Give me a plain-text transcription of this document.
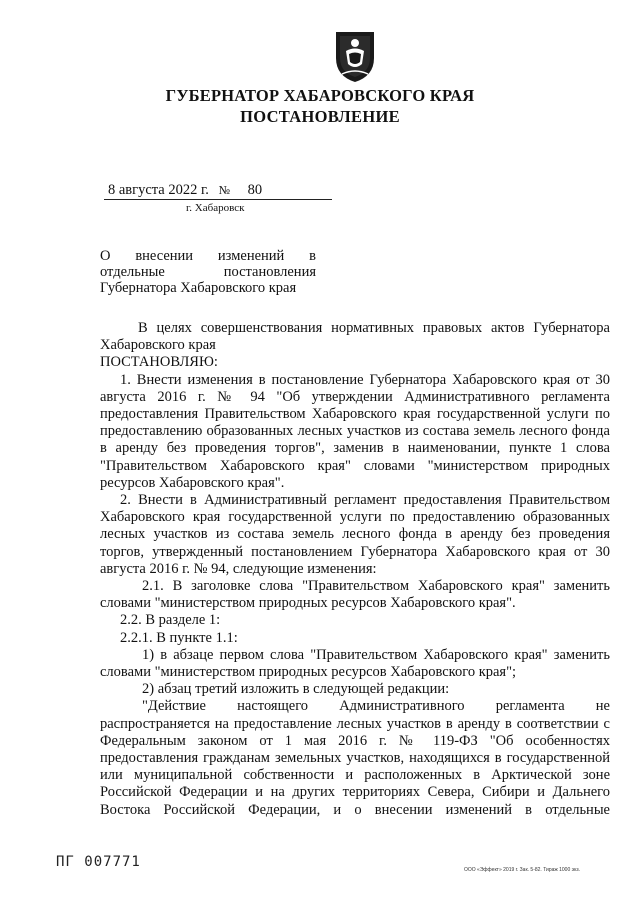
ГУБЕРНАТОР ХАБАРОВСКОГО КРАЯ
ПОСТАНОВЛЕНИЕ
8 августа 2022 г. № 80
г. Хабаровск
О внесении изменений в
отдельные постановления
Губернатора Хабаровского края

В целях совершенствования нормативных правовых актов Губернатора Хабаровского края

ПОСТАНОВЛЯЮ:

1. Внести изменения в постановление Губернатора Хабаровского края от 30 августа 2016 г. № 94 "Об утверждении Административного регламента предоставления Правительством Хабаровского края государственной услуги по предоставлению образованных лесных участков из состава земель лесного фонда в аренду без проведения торгов", заменив в наименовании, пункте 1 слова "Правительством Хабаровского края" словами "министерством природных ресурсов Хабаровского края".

2. Внести в Административный регламент предоставления Правительством Хабаровского края государственной услуги по предоставлению образованных лесных участков из состава земель лесного фонда в аренду без проведения торгов, утвержденный постановлением Губернатора Хабаровского края от 30 августа 2016 г. № 94, следующие изменения:

2.1. В заголовке слова "Правительством Хабаровского края" заменить словами "министерством природных ресурсов Хабаровского края".

2.2. В разделе 1:

2.2.1. В пункте 1.1:

1) в абзаце первом слова "Правительством Хабаровского края" заменить словами "министерством природных ресурсов Хабаровского края";

2) абзац третий изложить в следующей редакции:

"Действие настоящего Административного регламента не распространяется на предоставление лесных участков в аренду в соответствии с Федеральным законом от 1 мая 2016 г. № 119-ФЗ "Об особенностях предоставления гражданам земельных участков, находящихся в государственной или муниципальной собственности и расположенных в Арктической зоне Российской Федерации и на других территориях Севера, Сибири и Дальнего Востока Российской Федерации, и о внесении изменений в отдельные

ПГ 007771	ООО «Эффект» 2019 г. Зак. 5-82. Тираж 1000 экз.
